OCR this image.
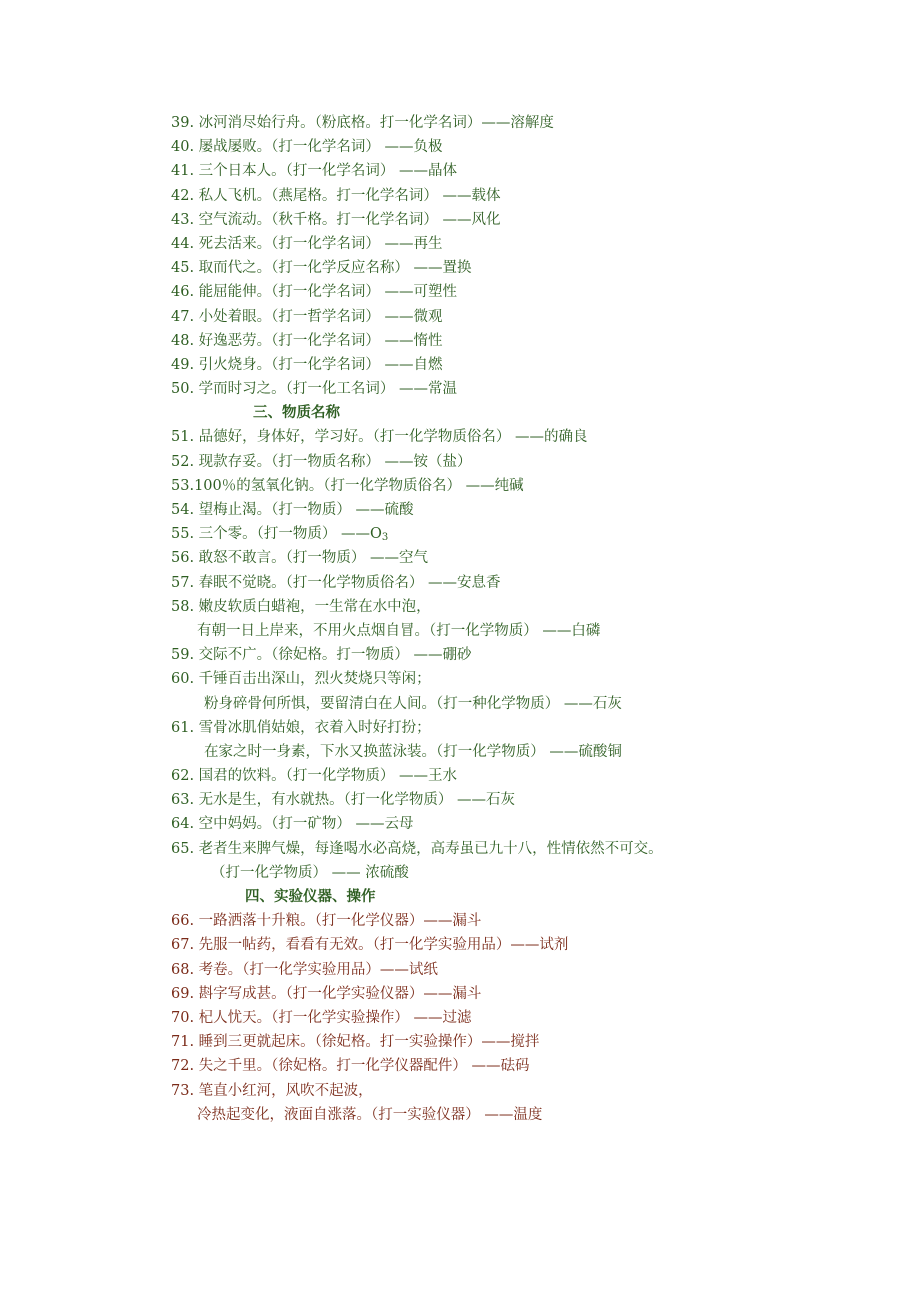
39. 冰河消尽始行舟。（粉底格。打一化学名词）——溶解度
40. 屡战屡败。（打一化学名词） ——负极
41. 三个日本人。（打一化学名词） ——晶体
42. 私人飞机。（燕尾格。打一化学名词） ——载体
43. 空气流动。（秋千格。打一化学名词） ——风化
44. 死去活来。（打一化学名词） ——再生
45. 取而代之。（打一化学反应名称） ——置换
46. 能屈能伸。（打一化学名词） ——可塑性
47. 小处着眼。（打一哲学名词） ——微观
48. 好逸恶劳。（打一化学名词） ——惰性
49. 引火烧身。（打一化学名词） ——自燃
50. 学而时习之。（打一化工名词） ——常温
三、物质名称
51. 品德好，身体好，学习好。（打一化学物质俗名） ——的确良
52. 现款存妥。（打一物质名称） ——铵（盐）
53.100％的氢氧化钠。（打一化学物质俗名） ——纯碱
54. 望梅止渴。（打一物质） ——硫酸
55. 三个零。（打一物质） ——O3
56. 敢怒不敢言。（打一物质） ——空气
57. 春眠不觉晓。（打一化学物质俗名） ——安息香
58. 嫩皮软质白蜡袍，一生常在水中泡，
有朝一日上岸来，不用火点烟自冒。（打一化学物质） ——白磷
59. 交际不广。（徐妃格。打一物质） ——硼砂
60. 千锤百击出深山，烈火焚烧只等闲；
粉身碎骨何所惧，要留清白在人间。（打一种化学物质） ——石灰
61. 雪骨冰肌俏姑娘，衣着入时好打扮；
在家之时一身素，下水又换蓝泳装。（打一化学物质） ——硫酸铜
62. 国君的饮料。（打一化学物质） ——王水
63. 无水是生，有水就热。（打一化学物质） ——石灰
64. 空中妈妈。（打一矿物） ——云母
65. 老者生来脾气燥，每逢喝水必高烧，高寿虽已九十八，性情依然不可交。
（打一化学物质） —— 浓硫酸
四、实验仪器、操作
66. 一路洒落十升粮。（打一化学仪器）——漏斗
67. 先服一帖药，看看有无效。（打一化学实验用品）——试剂
68. 考卷。（打一化学实验用品）——试纸
69. 斟字写成甚。（打一化学实验仪器）——漏斗
70. 杞人忧天。（打一化学实验操作） ——过滤
71. 睡到三更就起床。（徐妃格。打一实验操作）——搅拌
72. 失之千里。（徐妃格。打一化学仪器配件） ——砝码
73. 笔直小红河，风吹不起波，
冷热起变化，液面自涨落。（打一实验仪器） ——温度
